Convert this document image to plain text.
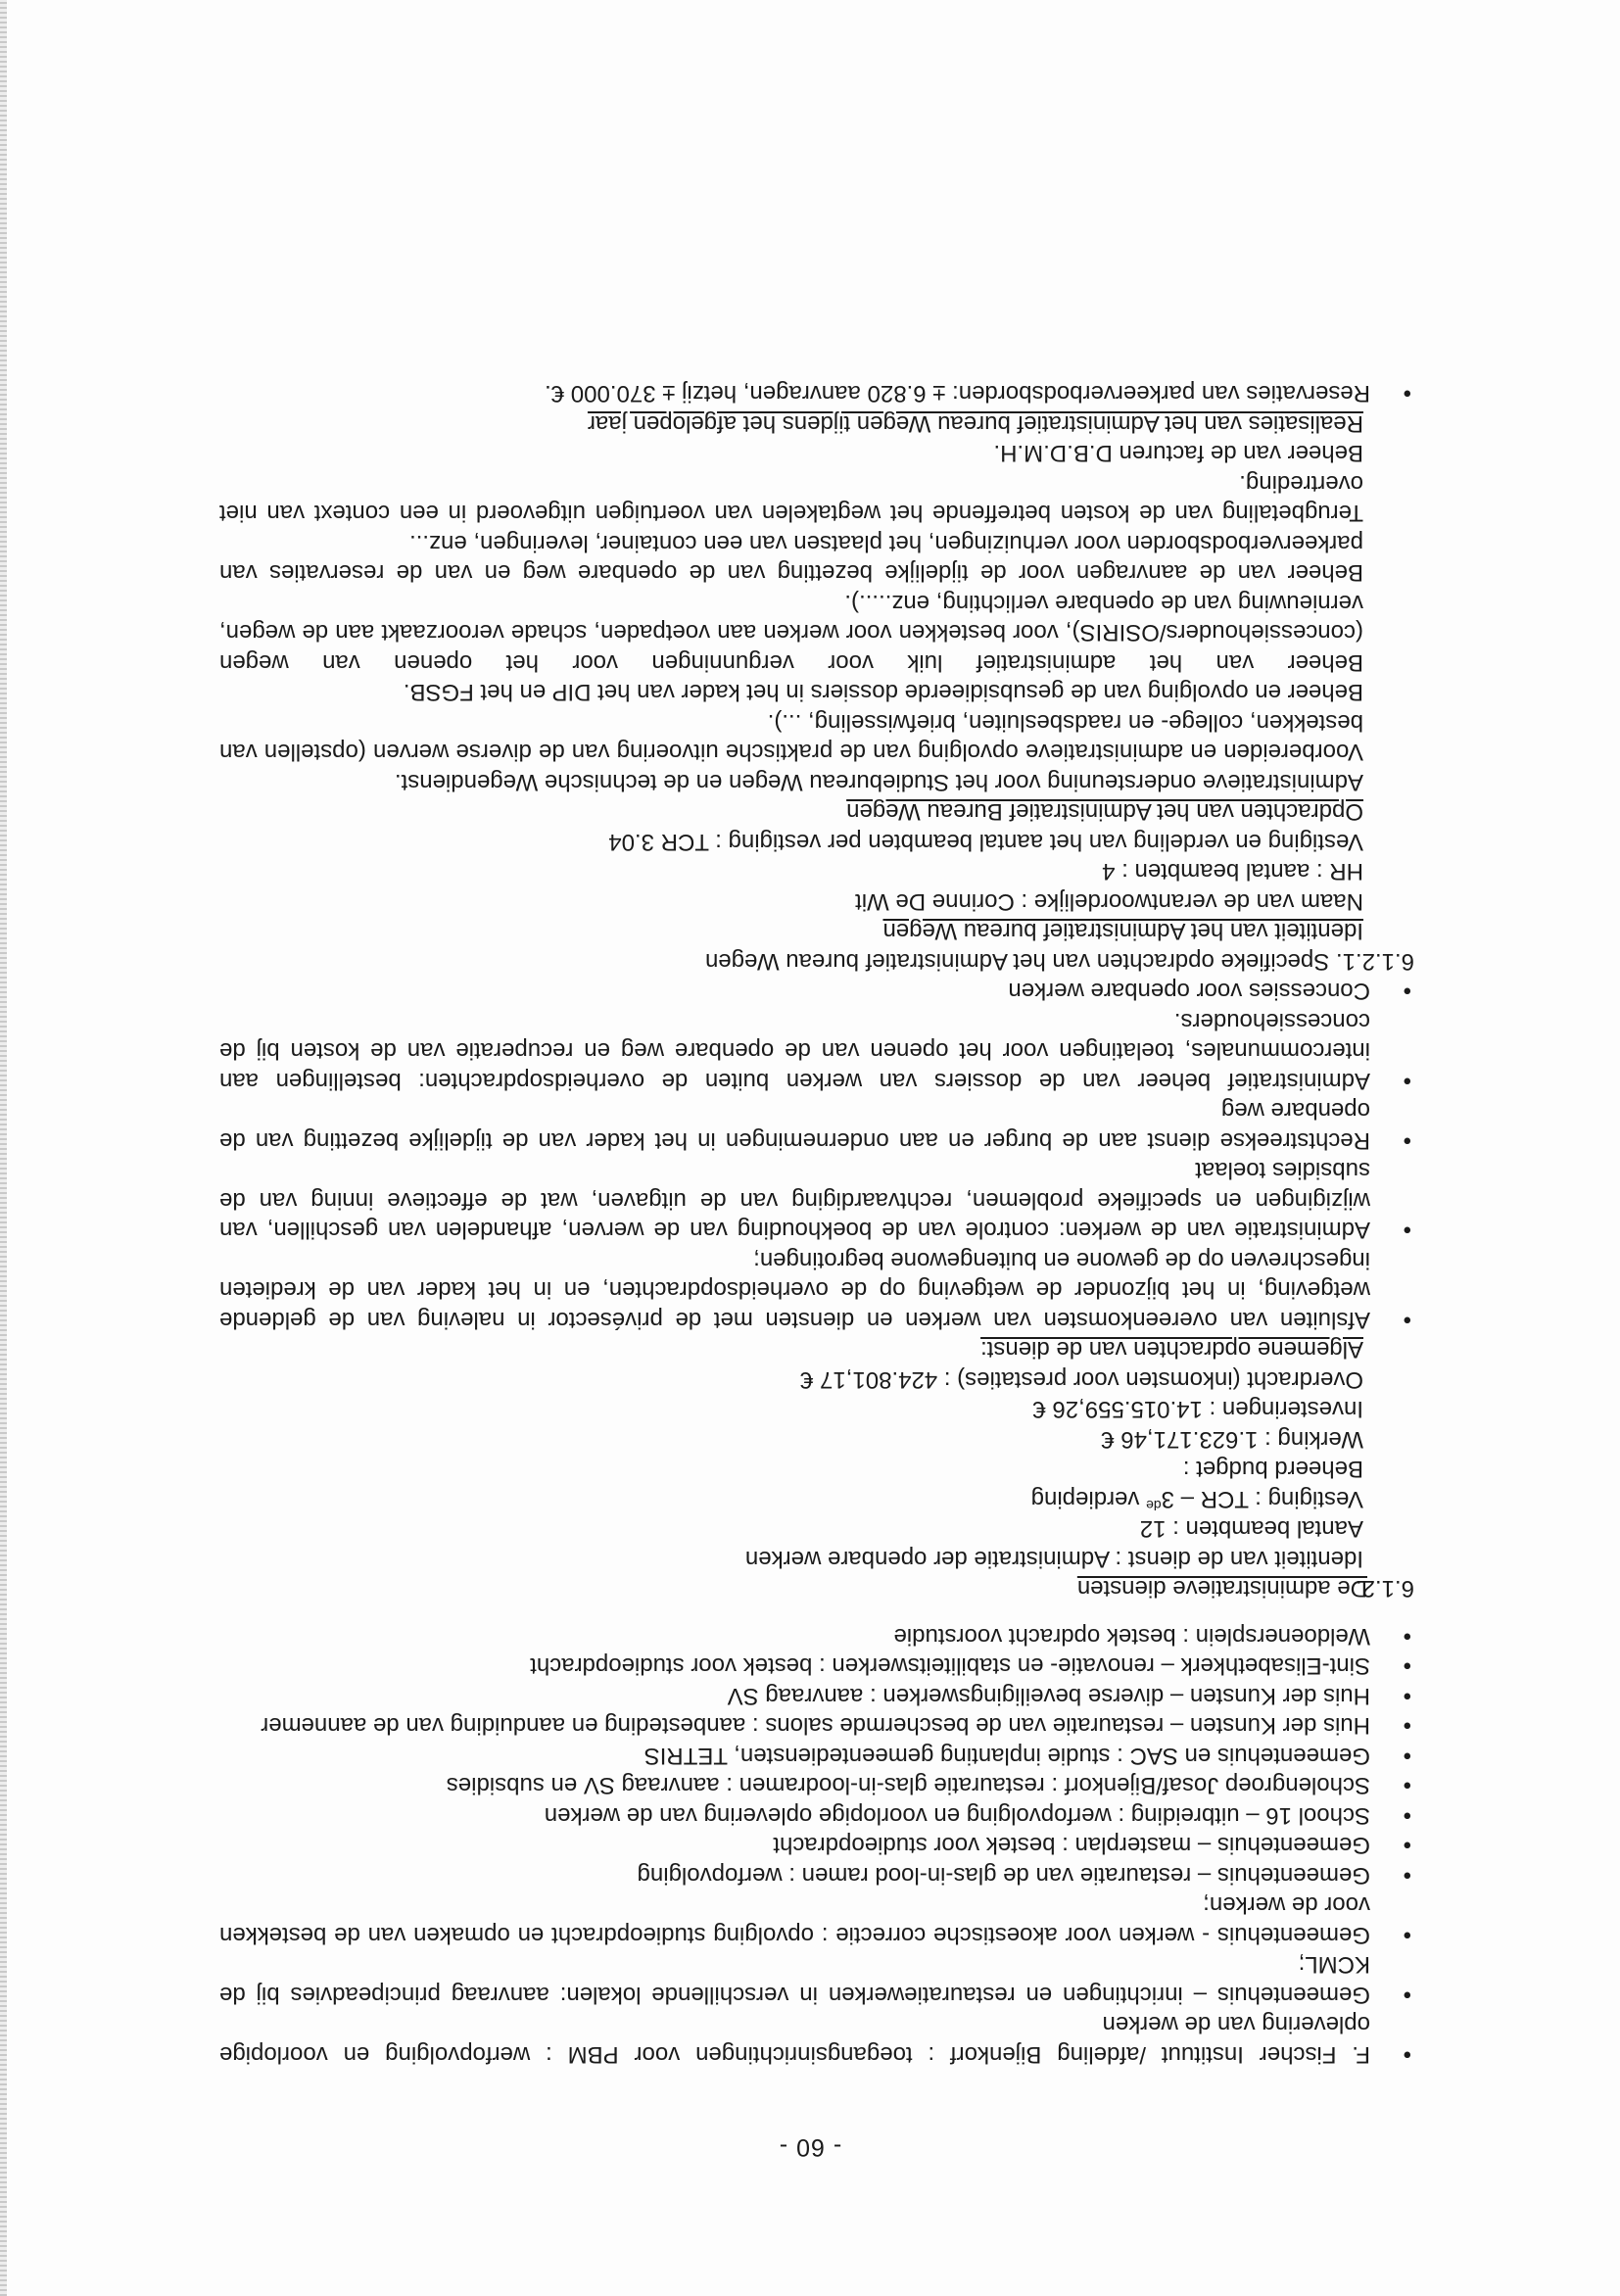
- 60 -
• F. Fischer Instituut /afdeling Bijenkorf : toegangsinrichtingen voor PBM : werfopvolging en voorlopige oplevering van de werken
• Gemeentehuis – inrichtingen en restauratiewerken in verschillende lokalen: aanvraag principeadvies bij de KCML;
• Gemeentehuis - werken voor akoestische correctie : opvolging studieopdracht en opmaken van de bestekken voor de werken;
• Gemeentehuis – restauratie van de glas-in-lood ramen : werfopvolging
• Gemeentehuis – masterplan : bestek voor studieopdracht
• School 16 – uitbreiding : werfopvolging en voorlopige oplevering van de werken
• Scholengroep Josaf/Bijenkorf : restauratie glas-in-loodramen : aanvraag SV en subsidies
• Gemeentehuis en SAC : studie inplanting gemeentediensten, TETRIS
• Huis der Kunsten – restauratie van de beschermde salons : aanbesteding en aanduiding van de aannemer
• Huis der Kunsten – diverse beveiligingswerken : aanvraag SV
• Sint-Elisabethkerk – renovatie- en stabiliteitswerken : bestek voor studieopdracht
• Weldoenersplein : bestek opdracht voorstudie
6.1.2.De administratieve diensten
Identiteit van de dienst : Administratie der openbare werken
Aantal beambten : 12
Vestiging : TCR – 3de verdieping
Beheerd budget :
Werking : 1.623.171,46 €
Investeringen : 14.015.559,26 €
Overdracht (inkomsten voor prestaties) : 424.801,17 €
Algemene opdrachten van de dienst:
• Afsluiten van overeenkomsten van werken en diensten met de privésector in naleving van de geldende wetgeving, in het bijzonder de wetgeving op de overheidsopdrachten, en in het kader van de kredieten ingeschreven op de gewone en buitengewone begrotingen;
• Administratie van de werken: controle van de boekhouding van de werven, afhandelen van geschillen, van wijzigingen en specifieke problemen, rechtvaardiging van de uitgaven, wat de effectieve inning van de subsidies toelaat
• Rechtstreekse dienst aan de burger en aan ondernemingen in het kader van de tijdelijke bezetting van de openbare weg
• Administratief beheer van de dossiers van werken buiten de overheidsopdrachten: bestellingen aan intercommunales, toelatingen voor het openen van de openbare weg en recuperatie van de kosten bij de concessiehouders.
• Concessies voor openbare werken
6.1.2.1. Specifieke opdrachten van het Administratief bureau Wegen
Identiteit van het Administratief bureau Wegen
Naam van de verantwoordelijke : Corinne De Wit
HR : aantal beambten : 4
Vestiging en verdeling van het aantal beambten per vestiging : TCR 3.04
Opdrachten van het Administratief Bureau Wegen
Administratieve ondersteuning voor het Studiebureau Wegen en de technische Wegendienst.
Voorbereiden en administratieve opvolging van de praktische uitvoering van de diverse werven (opstellen van bestekken, college- en raadsbesluiten, briefwisseling, ...).
Beheer en opvolging van de gesubsidieerde dossiers in het kader van het DIP en het FGSB.
Beheer van het administratief luik voor vergunningen voor het openen van wegen (concessiehouders/OSIRIS), voor bestekken voor werken aan voetpaden, schade veroorzaakt aan de wegen, vernieuwing van de openbare verlichting, enz.....).
Beheer van de aanvragen voor de tijdelijke bezetting van de openbare weg en van de reservaties van parkeerverbodsborden voor verhuizingen, het plaatsen van een container, leveringen, enz...
Terugbetaling van de kosten betreffende het wegtakelen van voertuigen uitgevoerd in een context van niet overtreding.
Beheer van de facturen D.B.D.M.H.
Realisaties van het Administratief bureau Wegen tijdens het afgelopen jaar
• Reservaties van parkeerverbodsborden: ± 6.820 aanvragen, hetzij ± 370.000 €.
